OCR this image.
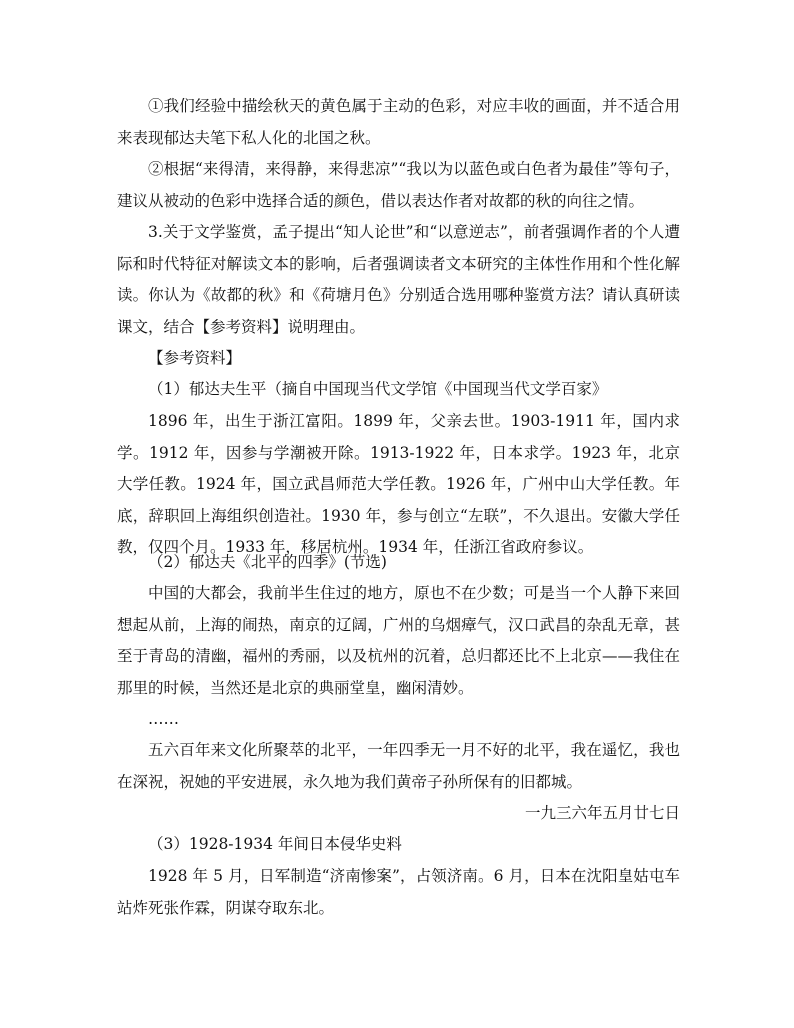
①我们经验中描绘秋天的黄色属于主动的色彩，对应丰收的画面，并不适合用来表现郁达夫笔下私人化的北国之秋。
②根据“来得清，来得静，来得悲凉”“我以为以蓝色或白色者为最佳”等句子，建议从被动的色彩中选择合适的颜色，借以表达作者对故都的秋的向往之情。
3.关于文学鉴赏，孟子提出“知人论世”和“以意逆志”，前者强调作者的个人遭际和时代特征对解读文本的影响，后者强调读者文本研究的主体性作用和个性化解读。你认为《故都的秋》和《荷塘月色》分别适合选用哪种鉴赏方法？请认真研读课文，结合【参考资料】说明理由。
【参考资料】
（1）郁达夫生平（摘自中国现当代文学馆《中国现当代文学百家》
1896 年，出生于浙江富阳。1899 年，父亲去世。1903-1911 年，国内求学。1912 年，因参与学潮被开除。1913-1922 年，日本求学。1923 年，北京大学任教。1924 年，国立武昌师范大学任教。1926 年，广州中山大学任教。年底，辞职回上海组织创造社。1930 年，参与创立“左联”，不久退出。安徽大学任教，仅四个月。1933 年，移居杭州。1934 年，任浙江省政府参议。
（2）郁达夫《北平的四季》(节选)
中国的大都会，我前半生住过的地方，原也不在少数；可是当一个人静下来回想起从前，上海的闹热，南京的辽阔，广州的乌烟瘴气，汉口武昌的杂乱无章，甚至于青岛的清幽，福州的秀丽，以及杭州的沉着，总归都还比不上北京——我住在那里的时候，当然还是北京的典丽堂皇，幽闲清妙。
……
五六百年来文化所聚萃的北平，一年四季无一月不好的北平，我在遥忆，我也在深祝，祝她的平安进展，永久地为我们黄帝子孙所保有的旧都城。
一九三六年五月廿七日
（3）1928-1934 年间日本侵华史料
1928 年 5 月，日军制造“济南惨案”，占领济南。6 月，日本在沈阳皇姑屯车站炸死张作霖，阴谋夺取东北。
